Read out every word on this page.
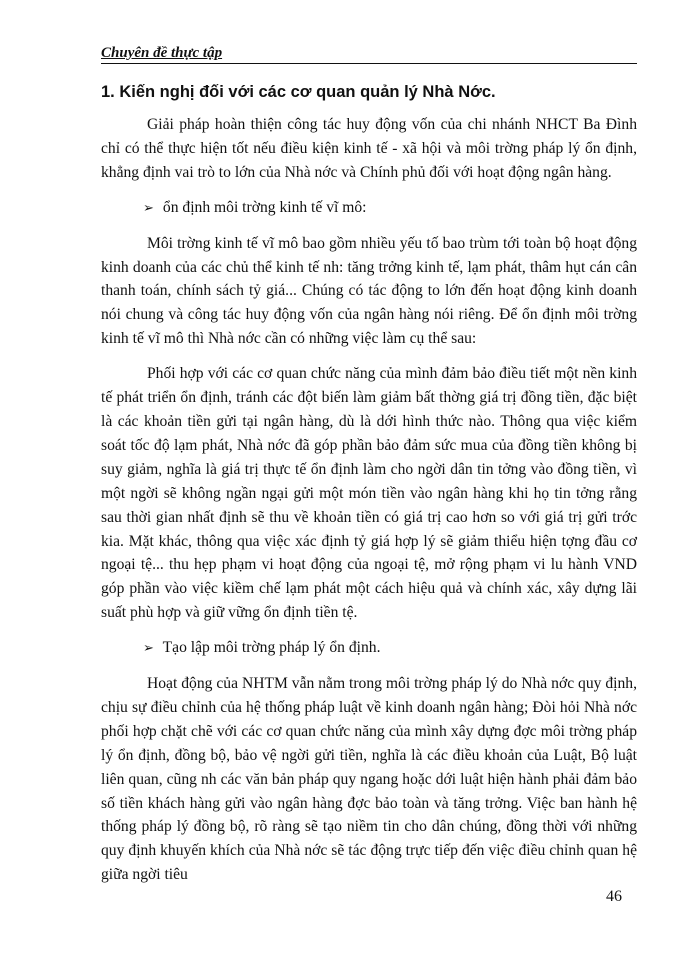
Chuyên đề thực tập
1. Kiến nghị đối với các cơ quan quản lý Nhà Nớc.

Giải pháp hoàn thiện công tác huy động vốn của chi nhánh NHCT Ba Đình chỉ có thể thực hiện tốt nếu điều kiện kinh tế - xã hội và môi trờng pháp lý ổn định, khẳng định vai trò to lớn của Nhà nớc và Chính phủ đối với hoạt động ngân hàng.

➢ ổn định môi trờng kinh tế vĩ mô:

Môi trờng kinh tế vĩ mô bao gồm nhiều yếu tố bao trùm tới toàn bộ hoạt động kinh doanh của các chủ thể kinh tế nh: tăng trởng kinh tế, lạm phát, thâm hụt cán cân thanh toán, chính sách tỷ giá... Chúng có tác động to lớn đến hoạt động kinh doanh nói chung và công tác huy động vốn của ngân hàng nói riêng. Để ổn định môi trờng kinh tế vĩ mô thì Nhà nớc cần có những việc làm cụ thể sau:

Phối hợp với các cơ quan chức năng của mình đảm bảo điều tiết một nền kinh tế phát triển ổn định, tránh các đột biến làm giảm bất thờng giá trị đồng tiền, đặc biệt là các khoản tiền gửi tại ngân hàng, dù là dới hình thức nào. Thông qua việc kiểm soát tốc độ lạm phát, Nhà nớc đã góp phần bảo đảm sức mua của đồng tiền không bị suy giảm, nghĩa là giá trị thực tế ổn định làm cho ngời dân tin tởng vào đồng tiền, vì một ngời sẽ không ngần ngại gửi một món tiền vào ngân hàng khi họ tin tởng rằng sau thời gian nhất định sẽ thu về khoản tiền có giá trị cao hơn so với giá trị gửi trớc kia. Mặt khác, thông qua việc xác định tỷ giá hợp lý sẽ giảm thiểu hiện tợng đầu cơ ngoại tệ... thu hẹp phạm vi hoạt động của ngoại tệ, mở rộng phạm vi lu hành VND góp phần vào việc kiềm chế lạm phát một cách hiệu quả và chính xác, xây dựng lãi suất phù hợp và giữ vững ổn định tiền tệ.

➢ Tạo lập môi trờng pháp lý ổn định.

Hoạt động của NHTM vẫn nằm trong môi trờng pháp lý do Nhà nớc quy định, chịu sự điều chỉnh của hệ thống pháp luật về kinh doanh ngân hàng; Đòi hỏi Nhà nớc phối hợp chặt chẽ với các cơ quan chức năng của mình xây dựng đợc môi trờng pháp lý ổn định, đồng bộ, bảo vệ ngời gửi tiền, nghĩa là các điều khoản của Luật, Bộ luật liên quan, cũng nh các văn bản pháp quy ngang hoặc dới luật hiện hành phải đảm bảo số tiền khách hàng gửi vào ngân hàng đợc bảo toàn và tăng trởng. Việc ban hành hệ thống pháp lý đồng bộ, rõ ràng sẽ tạo niềm tin cho dân chúng, đồng thời với những quy định khuyến khích của Nhà nớc sẽ tác động trực tiếp đến việc điều chỉnh quan hệ giữa ngời tiêu

46
